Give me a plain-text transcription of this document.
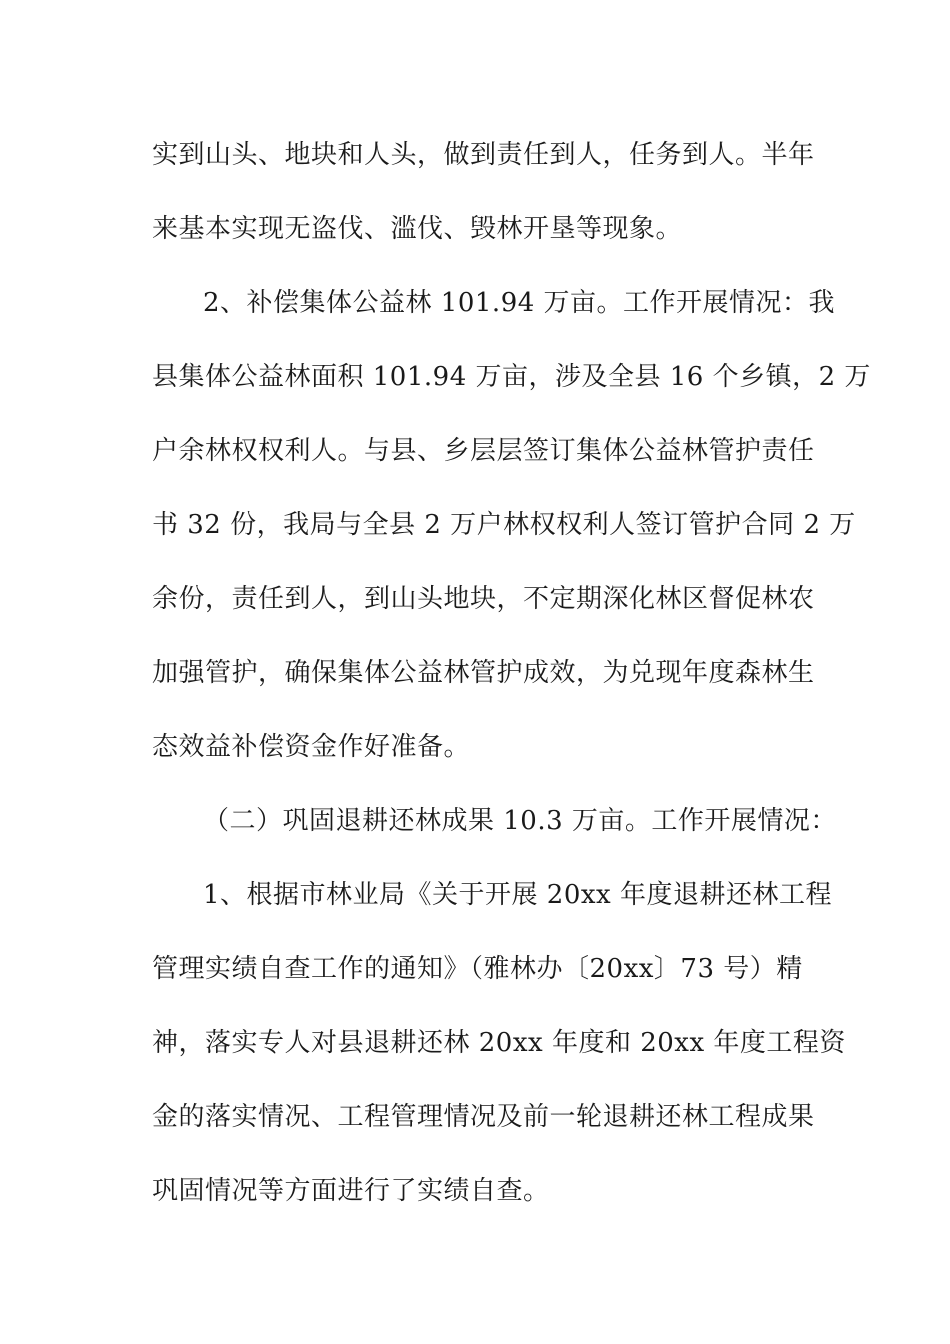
实到山头、地块和人头，做到责任到人，任务到人。半年

来基本实现无盗伐、滥伐、毁林开垦等现象。

2、补偿集体公益林 101.94 万亩。工作开展情况：我

县集体公益林面积 101.94 万亩，涉及全县 16 个乡镇，2 万

户余林权权利人。与县、乡层层签订集体公益林管护责任

书 32 份，我局与全县 2 万户林权权利人签订管护合同 2 万

余份，责任到人，到山头地块，不定期深化林区督促林农

加强管护，确保集体公益林管护成效，为兑现年度森林生

态效益补偿资金作好准备。

（二）巩固退耕还林成果 10.3 万亩。工作开展情况：

1、根据市林业局《关于开展 20xx 年度退耕还林工程

管理实绩自查工作的通知》（雅林办〔20xx〕73 号）精

神，落实专人对县退耕还林 20xx 年度和 20xx 年度工程资

金的落实情况、工程管理情况及前一轮退耕还林工程成果

巩固情况等方面进行了实绩自查。
